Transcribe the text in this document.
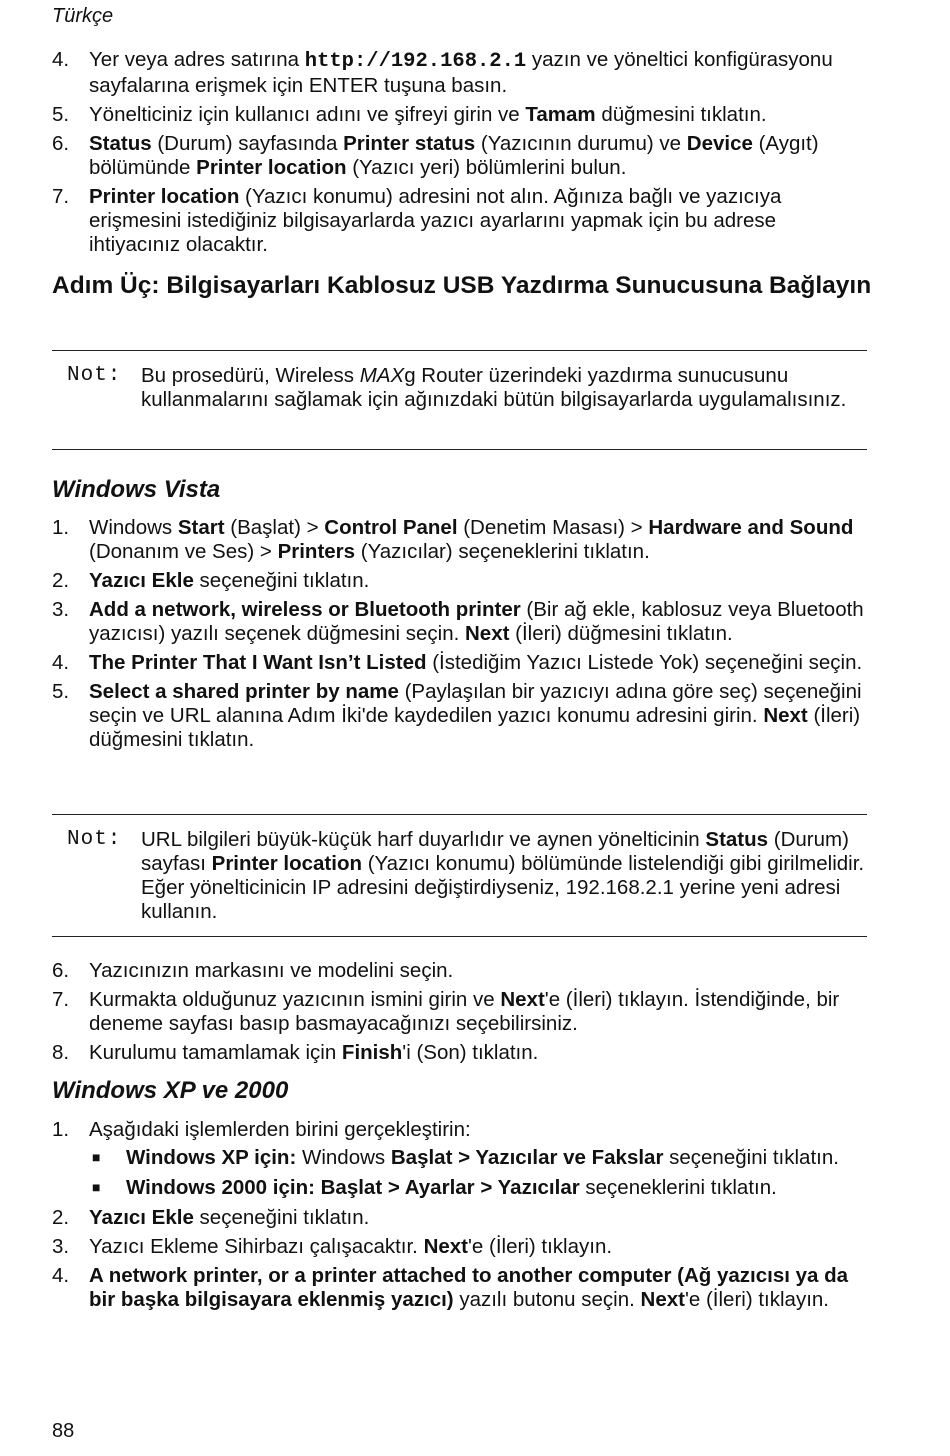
Türkçe
4. Yer veya adres satırına http://192.168.2.1 yazın ve yöneltici konfigürasyonu sayfalarına erişmek için ENTER tuşuna basın.
5. Yönelticiniz için kullanıcı adını ve şifreyi girin ve Tamam düğmesini tıklatın.
6. Status (Durum) sayfasında Printer status (Yazıcının durumu) ve Device (Aygıt) bölümünde Printer location (Yazıcı yeri) bölümlerini bulun.
7. Printer location (Yazıcı konumu) adresini not alın. Ağınıza bağlı ve yazıcıya erişmesini istediğiniz bilgisayarlarda yazıcı ayarlarını yapmak için bu adrese ihtiyacınız olacaktır.
Adım Üç: Bilgisayarları Kablosuz USB Yazdırma Sunucusuna Bağlayın
Not: Bu prosedürü, Wireless MAXg Router üzerindeki yazdırma sunucusunu kullanmalarını sağlamak için ağınızdaki bütün bilgisayarlarda uygulamalısınız.
Windows Vista
1. Windows Start (Başlat) > Control Panel (Denetim Masası) > Hardware and Sound (Donanım ve Ses) > Printers (Yazıcılar) seçeneklerini tıklatın.
2. Yazıcı Ekle seçeneğini tıklatın.
3. Add a network, wireless or Bluetooth printer (Bir ağ ekle, kablosuz veya Bluetooth yazıcısı) yazılı seçenek düğmesini seçin. Next (İleri) düğmesini tıklatın.
4. The Printer That I Want Isn’t Listed (İstediğim Yazıcı Listede Yok) seçeneğini seçin.
5. Select a shared printer by name (Paylaşılan bir yazıcıyı adına göre seç) seçeneğini seçin ve URL alanına Adım İki'de kaydedilen yazıcı konumu adresini girin. Next (İleri) düğmesini tıklatın.
Not: URL bilgileri büyük-küçük harf duyarlıdır ve aynen yönelticinin Status (Durum) sayfası Printer location (Yazıcı konumu) bölümünde listelendiği gibi girilmelidir. Eğer yönelticinicin IP adresini değiştirdiyseniz, 192.168.2.1 yerine yeni adresi kullanın.
6. Yazıcınızın markasını ve modelini seçin.
7. Kurmakta olduğunuz yazıcının ismini girin ve Next'e (İleri) tıklayın. İstendiğinde, bir deneme sayfası basıp basmayacağınızı seçebilirsiniz.
8. Kurulumu tamamlamak için Finish'i (Son) tıklatın.
Windows XP ve 2000
1. Aşağıdaki işlemlerden birini gerçekleştirin:
■ Windows XP için: Windows Başlat > Yazıcılar ve Fakslar seçeneğini tıklatın.
■ Windows 2000 için: Başlat > Ayarlar > Yazıcılar seçeneklerini tıklatın.
2. Yazıcı Ekle seçeneğini tıklatın.
3. Yazıcı Ekleme Sihirbazı çalışacaktır. Next'e (İleri) tıklayın.
4. A network printer, or a printer attached to another computer (Ağ yazıcısı ya da bir başka bilgisayara eklenmiş yazıcı) yazılı butonu seçin. Next'e (İleri) tıklayın.
88
